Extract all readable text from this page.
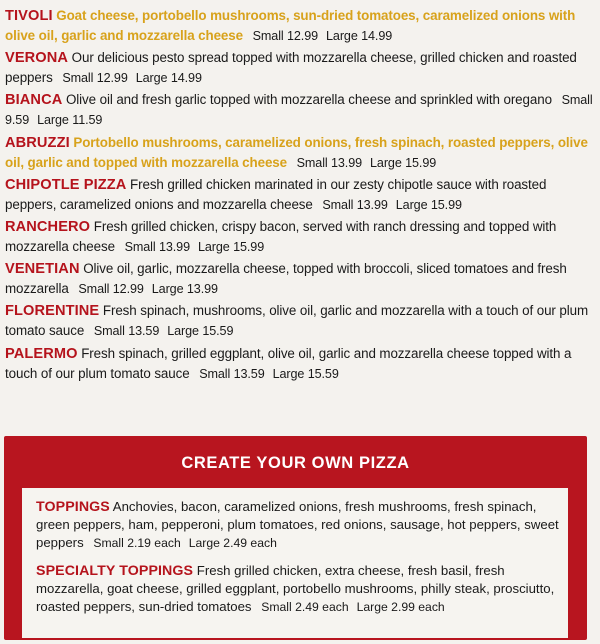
TIVOLI Goat cheese, portobello mushrooms, sun-dried tomatoes, caramelized onions with olive oil, garlic and mozzarella cheese Small 12.99 Large 14.99
VERONA Our delicious pesto spread topped with mozzarella cheese, grilled chicken and roasted peppers Small 12.99 Large 14.99
BIANCA Olive oil and fresh garlic topped with mozzarella cheese and sprinkled with oregano Small 9.59 Large 11.59
ABRUZZI Portobello mushrooms, caramelized onions, fresh spinach, roasted peppers, olive oil, garlic and topped with mozzarella cheese Small 13.99 Large 15.99
CHIPOTLE PIZZA Fresh grilled chicken marinated in our zesty chipotle sauce with roasted peppers, caramelized onions and mozzarella cheese Small 13.99 Large 15.99
RANCHERO Fresh grilled chicken, crispy bacon, served with ranch dressing and topped with mozzarella cheese Small 13.99 Large 15.99
VENETIAN Olive oil, garlic, mozzarella cheese, topped with broccoli, sliced tomatoes and fresh mozzarella Small 12.99 Large 13.99
FLORENTINE Fresh spinach, mushrooms, olive oil, garlic and mozzarella with a touch of our plum tomato sauce Small 13.59 Large 15.59
PALERMO Fresh spinach, grilled eggplant, olive oil, garlic and mozzarella cheese topped with a touch of our plum tomato sauce Small 13.59 Large 15.59
CREATE YOUR OWN PIZZA
TOPPINGS Anchovies, bacon, caramelized onions, fresh mushrooms, fresh spinach, green peppers, ham, pepperoni, plum tomatoes, red onions, sausage, hot peppers, sweet peppers Small 2.19 each Large 2.49 each
SPECIALTY TOPPINGS Fresh grilled chicken, extra cheese, fresh basil, fresh mozzarella, goat cheese, grilled eggplant, portobello mushrooms, philly steak, prosciutto, roasted peppers, sun-dried tomatoes Small 2.49 each Large 2.99 each
